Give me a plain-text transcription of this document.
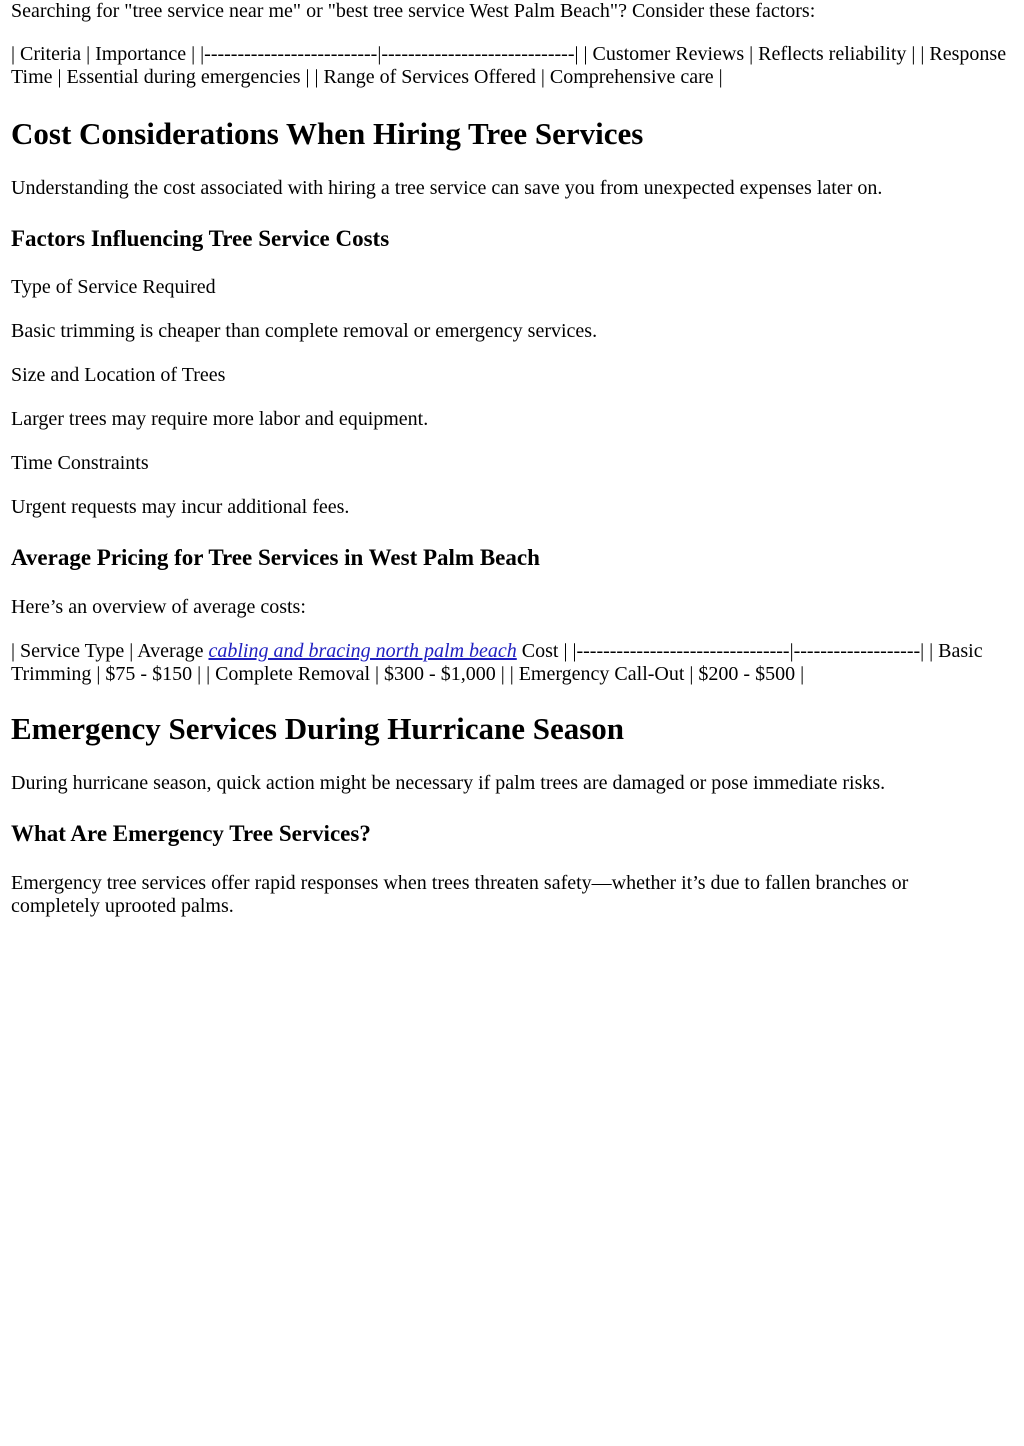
Searching for "tree service near me" or "best tree service West Palm Beach"? Consider these factors:

| Criteria | Importance | |--------------------------|-----------------------------| | Customer Reviews | Reflects reliability | | Response Time | Essential during emergencies | | Range of Services Offered | Comprehensive care |

Cost Considerations When Hiring Tree Services

Understanding the cost associated with hiring a tree service can save you from unexpected expenses later on.

Factors Influencing Tree Service Costs

Type of Service Required

Basic trimming is cheaper than complete removal or emergency services.

Size and Location of Trees

Larger trees may require more labor and equipment.

Time Constraints

Urgent requests may incur additional fees.

Average Pricing for Tree Services in West Palm Beach

Here’s an overview of average costs:

| Service Type | Average cabling and bracing north palm beach Cost | |--------------------------------|-------------------| | Basic Trimming | $75 - $150 | | Complete Removal | $300 - $1,000 | | Emergency Call-Out | $200 - $500 |

Emergency Services During Hurricane Season

During hurricane season, quick action might be necessary if palm trees are damaged or pose immediate risks.

What Are Emergency Tree Services?

Emergency tree services offer rapid responses when trees threaten safety—whether it’s due to fallen branches or completely uprooted palms.
